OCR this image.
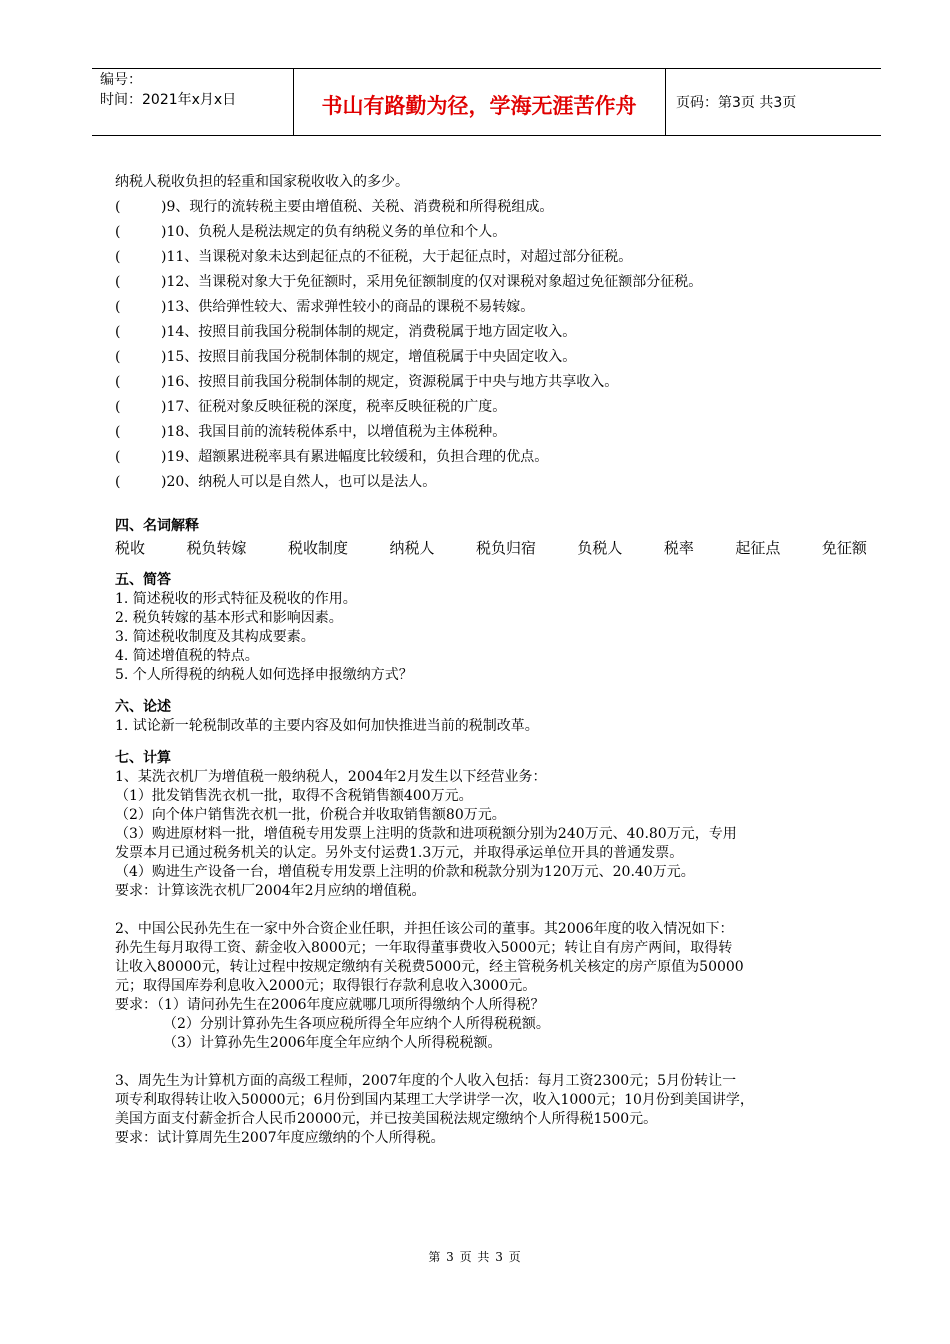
编号：
时间：2021年x月x日	书山有路勤为径，学海无涯苦作舟	页码：第3页 共3页
纳税人税收负担的轻重和国家税收收入的多少。
(	)9、现行的流转税主要由增值税、关税、消费税和所得税组成。
(	)10、负税人是税法规定的负有纳税义务的单位和个人。
(	)11、当课税对象未达到起征点的不征税，大于起征点时，对超过部分征税。
(	)12、当课税对象大于免征额时，采用免征额制度的仅对课税对象超过免征额部分征税。
(	)13、供给弹性较大、需求弹性较小的商品的课税不易转嫁。
(	)14、按照目前我国分税制体制的规定，消费税属于地方固定收入。
(	)15、按照目前我国分税制体制的规定，增值税属于中央固定收入。
(	)16、按照目前我国分税制体制的规定，资源税属于中央与地方共享收入。
(	)17、征税对象反映征税的深度，税率反映征税的广度。
(	)18、我国目前的流转税体系中，以增值税为主体税种。
(	)19、超额累进税率具有累进幅度比较缓和，负担合理的优点。
(	)20、纳税人可以是自然人，也可以是法人。
四、名词解释
税收	税负转嫁	税收制度	纳税人	税负归宿	负税人	税率	起征点	免征额
五、简答
1. 简述税收的形式特征及税收的作用。
2. 税负转嫁的基本形式和影响因素。
3. 简述税收制度及其构成要素。
4. 简述增值税的特点。
5. 个人所得税的纳税人如何选择申报缴纳方式？
六、论述
1. 试论新一轮税制改革的主要内容及如何加快推进当前的税制改革。
七、计算
1、某洗衣机厂为增值税一般纳税人，2004年2月发生以下经营业务：
（1）批发销售洗衣机一批，取得不含税销售额400万元。
（2）向个体户销售洗衣机一批，价税合并收取销售额80万元。
（3）购进原材料一批，增值税专用发票上注明的货款和进项税额分别为240万元、40.80万元，专用
发票本月已通过税务机关的认定。另外支付运费1.3万元，并取得承运单位开具的普通发票。
（4）购进生产设备一台，增值税专用发票上注明的价款和税款分别为120万元、20.40万元。
要求：计算该洗衣机厂2004年2月应纳的增值税。
2、中国公民孙先生在一家中外合资企业任职，并担任该公司的董事。其2006年度的收入情况如下：
孙先生每月取得工资、薪金收入8000元；一年取得董事费收入5000元；转让自有房产两间，取得转
让收入80000元，转让过程中按规定缴纳有关税费5000元，经主管税务机关核定的房产原值为50000
元；取得国库券利息收入2000元；取得银行存款利息收入3000元。
要求：（1）请问孙先生在2006年度应就哪几项所得缴纳个人所得税？
（2）分别计算孙先生各项应税所得全年应纳个人所得税税额。
（3）计算孙先生2006年度全年应纳个人所得税税额。
3、周先生为计算机方面的高级工程师，2007年度的个人收入包括：每月工资2300元；5月份转让一
项专利取得转让收入50000元；6月份到国内某理工大学讲学一次，收入1000元；10月份到美国讲学，
美国方面支付薪金折合人民币20000元，并已按美国税法规定缴纳个人所得税1500元。
要求：试计算周先生2007年度应缴纳的个人所得税。
第 3 页 共 3 页
